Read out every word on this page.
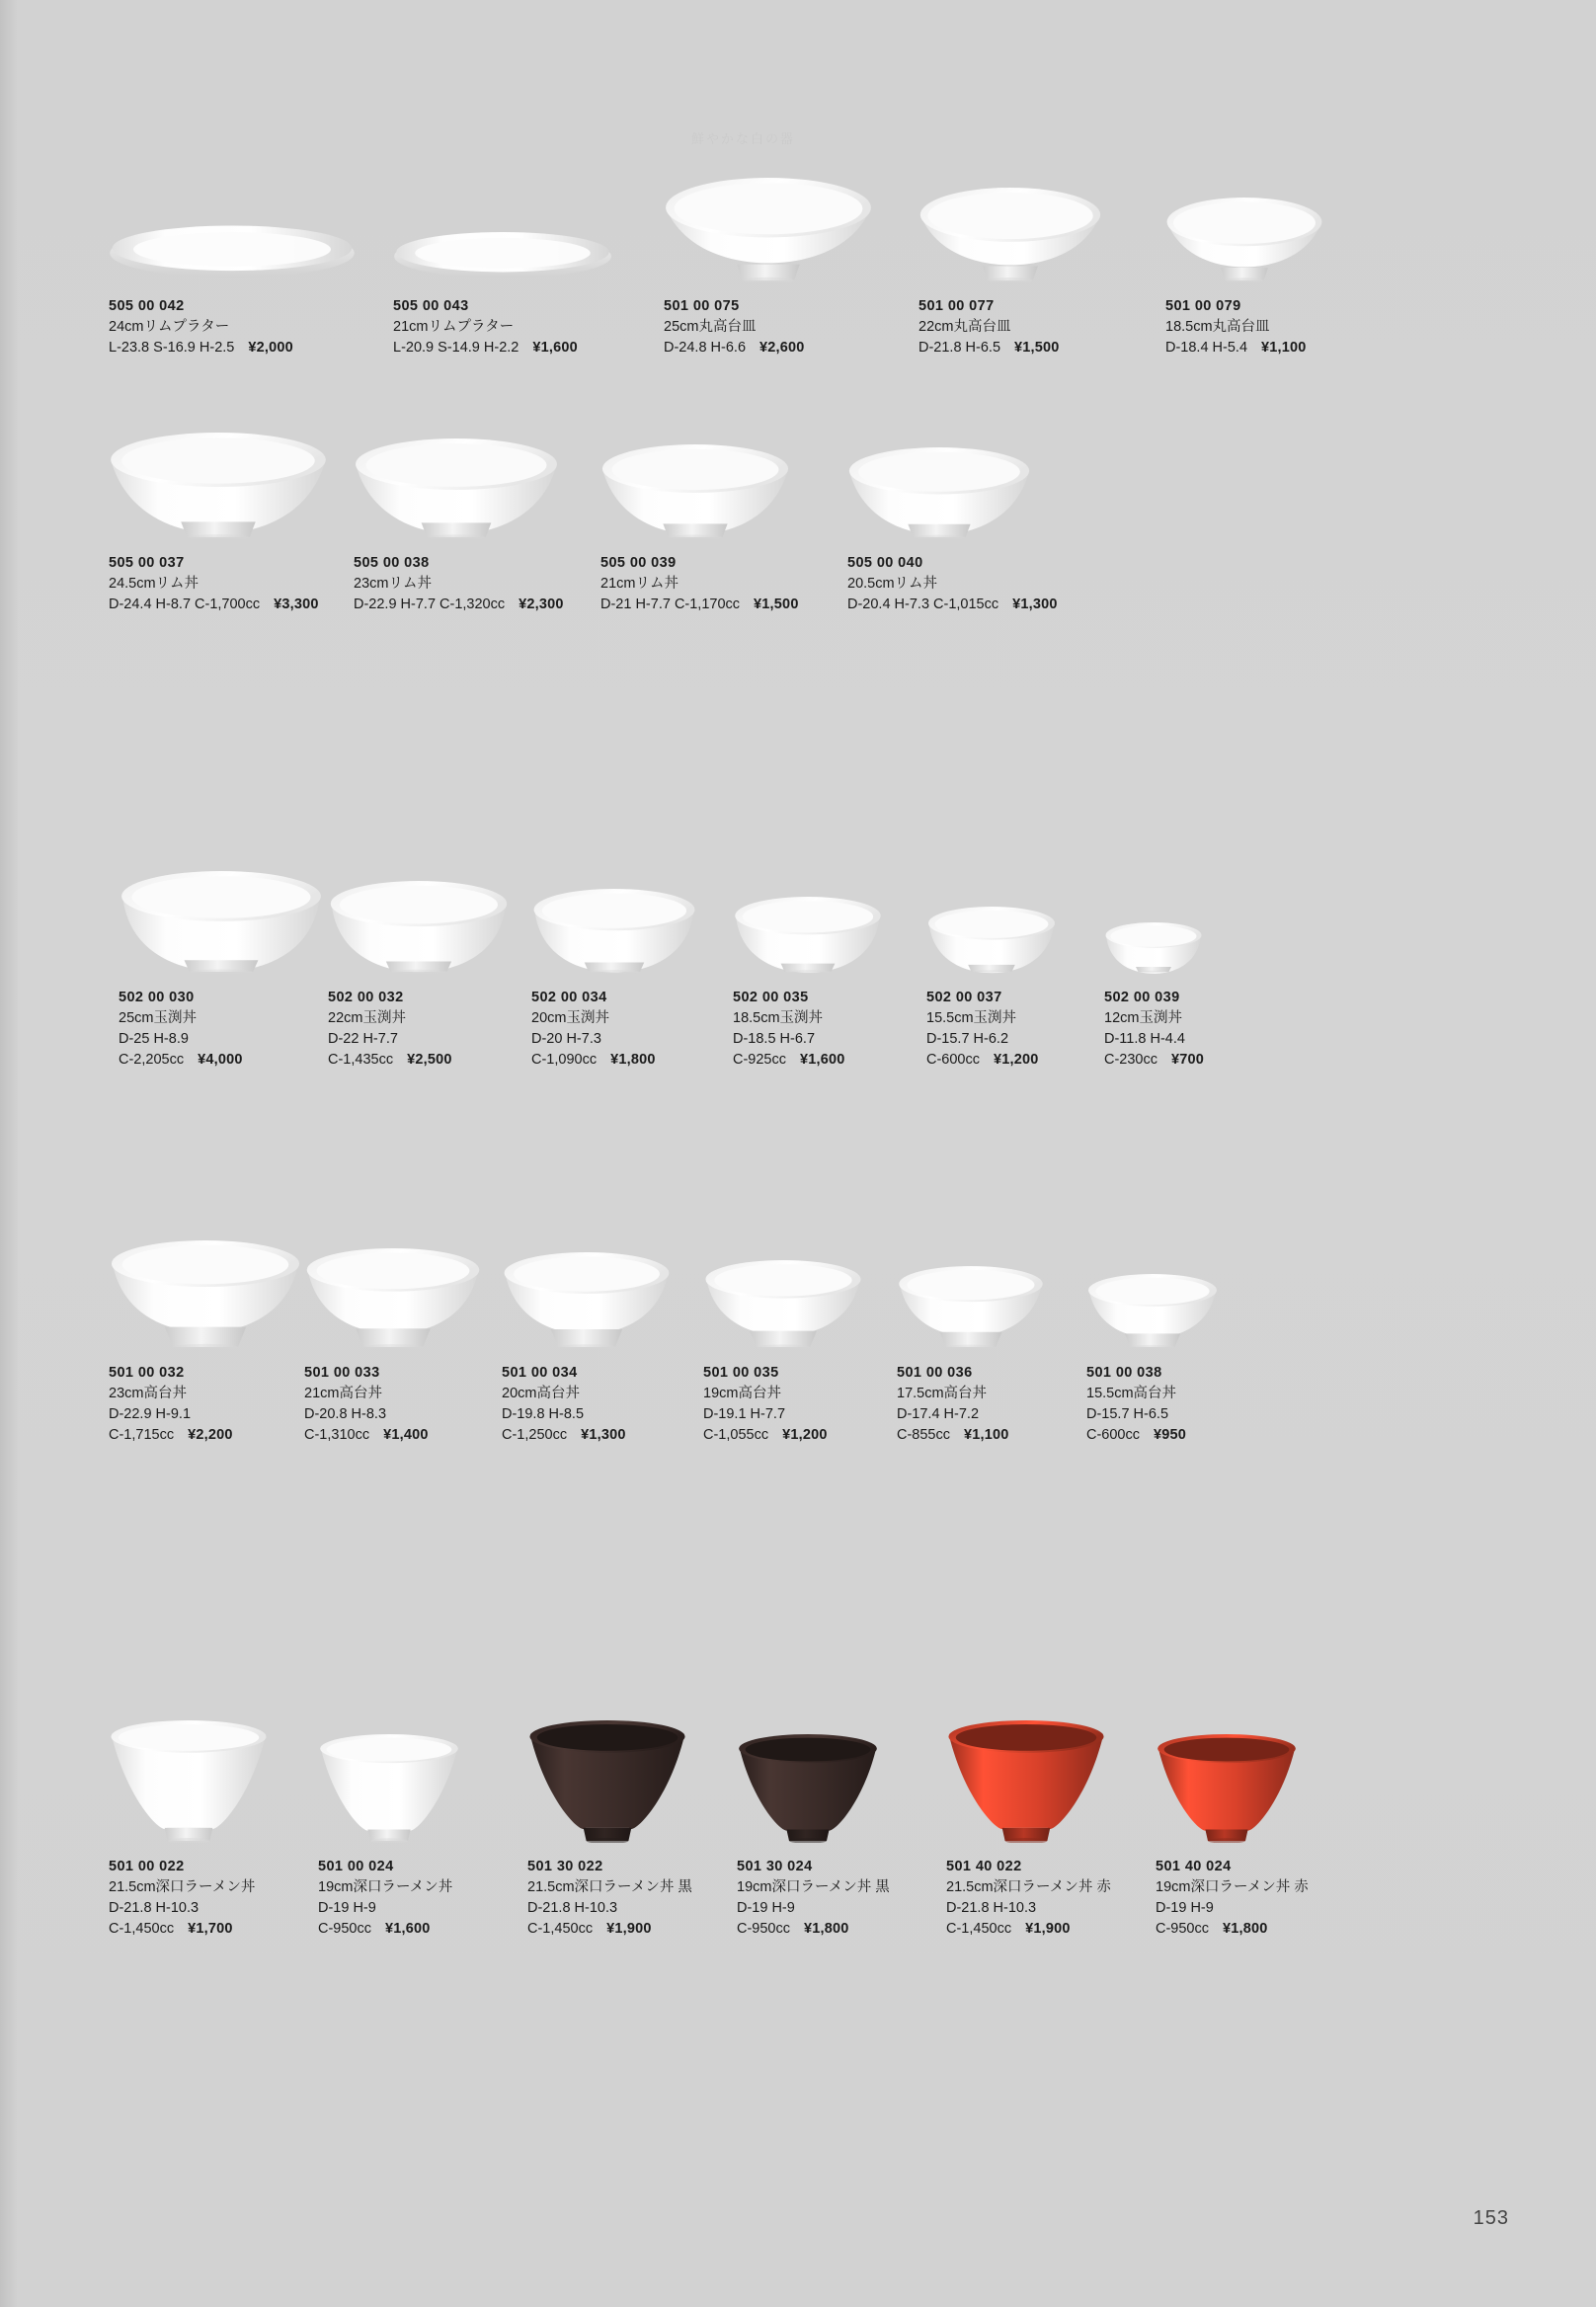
鮮やかな白の器
505 00 042
24cmリムプラター
L-23.8 S-16.9 H-2.5 ¥2,000
505 00 043
21cmリムプラター
L-20.9 S-14.9 H-2.2 ¥1,600
501 00 075
25cm丸高台皿
D-24.8 H-6.6 ¥2,600
501 00 077
22cm丸高台皿
D-21.8 H-6.5 ¥1,500
501 00 079
18.5cm丸高台皿
D-18.4 H-5.4 ¥1,100
505 00 037
24.5cmリム丼
D-24.4 H-8.7 C-1,700cc ¥3,300
505 00 038
23cmリム丼
D-22.9 H-7.7 C-1,320cc ¥2,300
505 00 039
21cmリム丼
D-21 H-7.7 C-1,170cc ¥1,500
505 00 040
20.5cmリム丼
D-20.4 H-7.3 C-1,015cc ¥1,300
502 00 030
25cm玉渕丼
D-25 H-8.9
C-2,205cc ¥4,000
502 00 032
22cm玉渕丼
D-22 H-7.7
C-1,435cc ¥2,500
502 00 034
20cm玉渕丼
D-20 H-7.3
C-1,090cc ¥1,800
502 00 035
18.5cm玉渕丼
D-18.5 H-6.7
C-925cc ¥1,600
502 00 037
15.5cm玉渕丼
D-15.7 H-6.2
C-600cc ¥1,200
502 00 039
12cm玉渕丼
D-11.8 H-4.4
C-230cc ¥700
501 00 032
23cm高台丼
D-22.9 H-9.1
C-1,715cc ¥2,200
501 00 033
21cm高台丼
D-20.8 H-8.3
C-1,310cc ¥1,400
501 00 034
20cm高台丼
D-19.8 H-8.5
C-1,250cc ¥1,300
501 00 035
19cm高台丼
D-19.1 H-7.7
C-1,055cc ¥1,200
501 00 036
17.5cm高台丼
D-17.4 H-7.2
C-855cc ¥1,100
501 00 038
15.5cm高台丼
D-15.7 H-6.5
C-600cc ¥950
501 00 022
21.5cm深口ラーメン丼
D-21.8 H-10.3
C-1,450cc ¥1,700
501 00 024
19cm深口ラーメン丼
D-19 H-9
C-950cc ¥1,600
501 30 022
21.5cm深口ラーメン丼 黒
D-21.8 H-10.3
C-1,450cc ¥1,900
501 30 024
19cm深口ラーメン丼 黒
D-19 H-9
C-950cc ¥1,800
501 40 022
21.5cm深口ラーメン丼 赤
D-21.8 H-10.3
C-1,450cc ¥1,900
501 40 024
19cm深口ラーメン丼 赤
D-19 H-9
C-950cc ¥1,800
153
